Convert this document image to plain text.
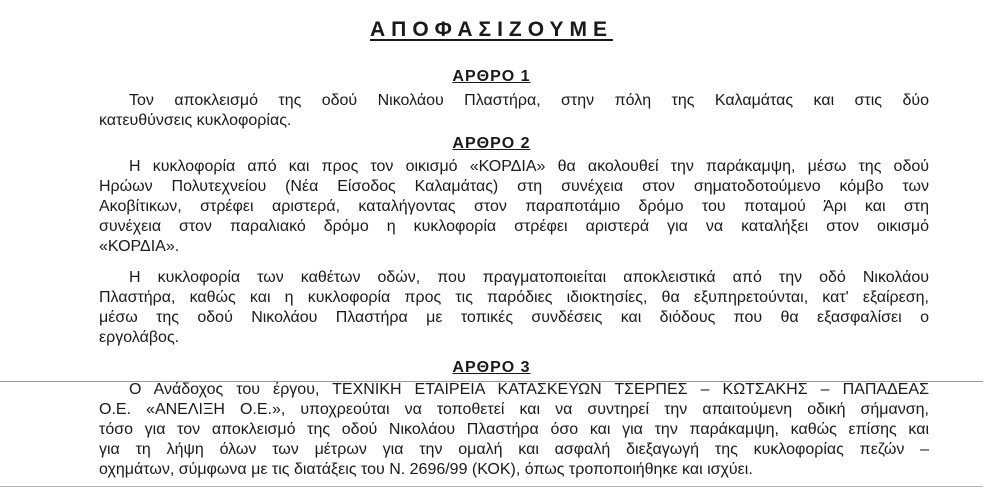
ΑΠΟΦΑΣΙΖΟΥΜΕ
ΑΡΘΡΟ 1
Τον αποκλεισμό της οδού Νικολάου Πλαστήρα, στην πόλη της Καλαμάτας και στις δύο
κατευθύνσεις κυκλοφορίας.
ΑΡΘΡΟ 2
Η κυκλοφορία από και προς τον οικισμό «ΚΟΡΔΙΑ» θα ακολουθεί την παράκαμψη, μέσω της οδού
Ηρώων Πολυτεχνείου (Νέα Είσοδος Καλαμάτας) στη συνέχεια στον σηματοδοτούμενο κόμβο των
Ακοβίτικων, στρέφει αριστερά, καταλήγοντας στον παραποτάμιο δρόμο του ποταμού Άρι και στη
συνέχεια στον παραλιακό δρόμο η κυκλοφορία στρέφει αριστερά για να καταλήξει στον οικισμό
«ΚΟΡΔΙΑ».
Η κυκλοφορία των καθέτων οδών, που πραγματοποιείται αποκλειστικά από την οδό Νικολάου
Πλαστήρα, καθώς και η κυκλοφορία προς τις παρόδιες ιδιοκτησίες, θα εξυπηρετούνται, κατ' εξαίρεση,
μέσω της οδού Νικολάου Πλαστήρα με τοπικές συνδέσεις και διόδους που θα εξασφαλίσει ο
εργολάβος.
ΑΡΘΡΟ 3
Ο Ανάδοχος του έργου, ΤΕΧΝΙΚΗ ΕΤΑΙΡΕΙΑ ΚΑΤΑΣΚΕΥΩΝ ΤΣΕΡΠΕΣ – ΚΩΤΣΑΚΗΣ – ΠΑΠΑΔΕΑΣ
Ο.Ε. «ΑΝΕΛΙΞΗ Ο.Ε.», υποχρεούται να τοποθετεί και να συντηρεί την απαιτούμενη οδική σήμανση,
τόσο για τον αποκλεισμό της οδού Νικολάου Πλαστήρα όσο και για την παράκαμψη, καθώς επίσης και
για τη λήψη όλων των μέτρων για την ομαλή και ασφαλή διεξαγωγή της κυκλοφορίας πεζών –
οχημάτων, σύμφωνα με τις διατάξεις του Ν. 2696/99 (ΚΟΚ), όπως τροποποιήθηκε και ισχύει.
